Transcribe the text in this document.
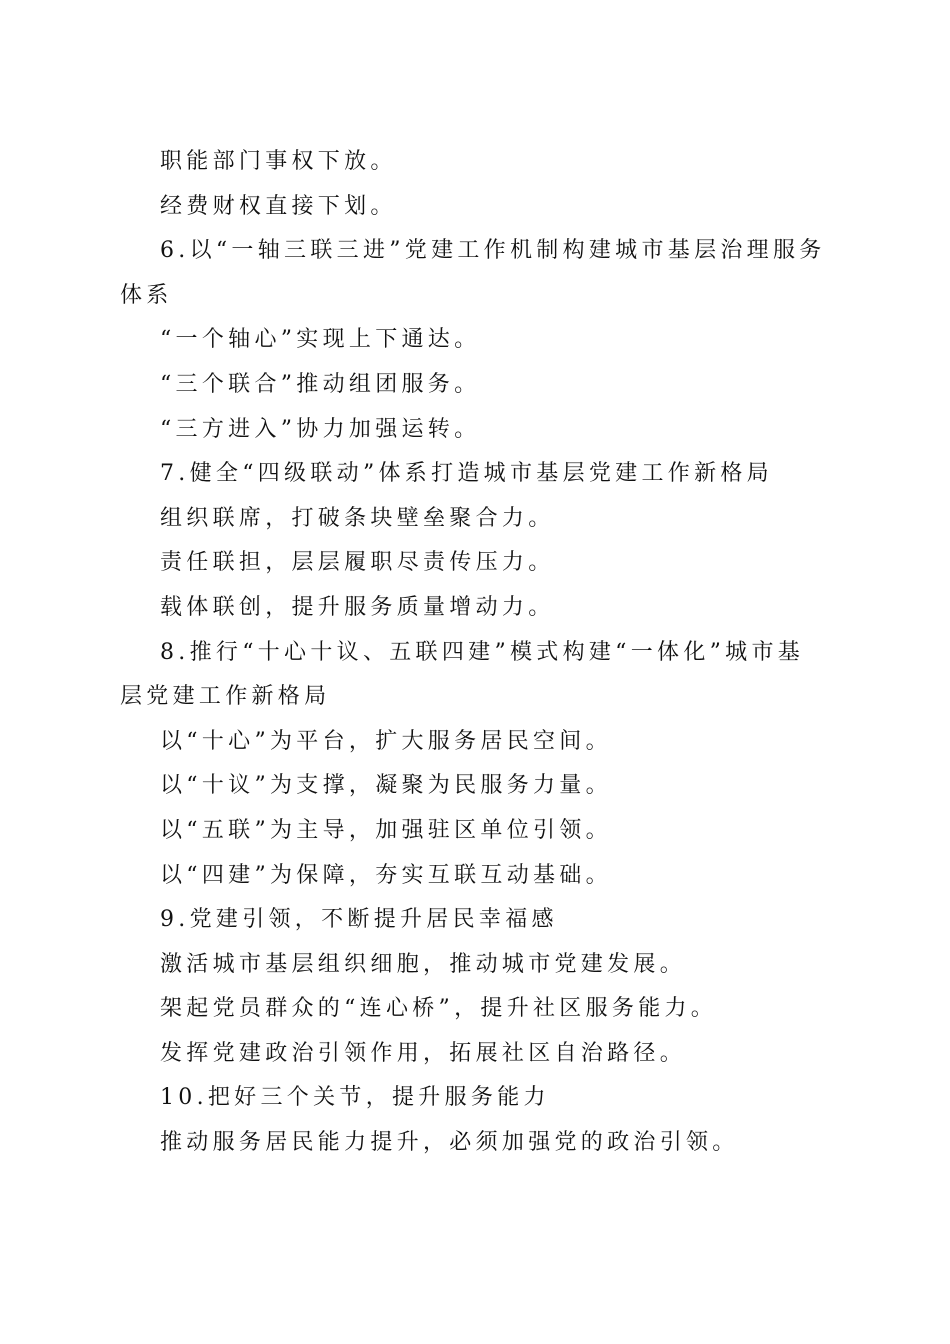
职能部门事权下放。

经费财权直接下划。

6.以“一轴三联三进”党建工作机制构建城市基层治理服务

体系

“一个轴心”实现上下通达。

“三个联合”推动组团服务。

“三方进入”协力加强运转。

7.健全“四级联动”体系打造城市基层党建工作新格局

组织联席，打破条块壁垒聚合力。

责任联担，层层履职尽责传压力。

载体联创，提升服务质量增动力。

8.推行“十心十议、五联四建”模式构建“一体化”城市基

层党建工作新格局

以“十心”为平台，扩大服务居民空间。

以“十议”为支撑，凝聚为民服务力量。

以“五联”为主导，加强驻区单位引领。

以“四建”为保障，夯实互联互动基础。

9.党建引领，不断提升居民幸福感

激活城市基层组织细胞，推动城市党建发展。

架起党员群众的“连心桥”，提升社区服务能力。

发挥党建政治引领作用，拓展社区自治路径。

10.把好三个关节，提升服务能力

推动服务居民能力提升，必须加强党的政治引领。
